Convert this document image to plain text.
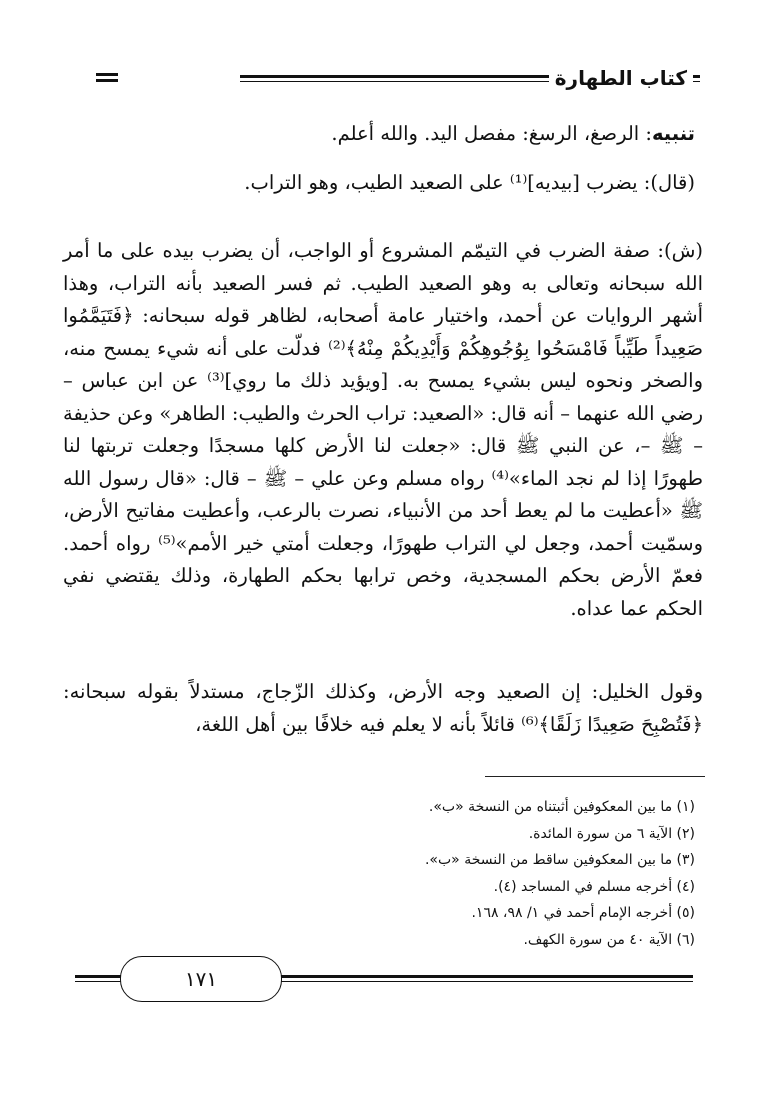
كتاب الطهارة
تنبيه: الرصغ، الرسغ: مفصل اليد. والله أعلم.
(قال): يضرب [بيديه]⁽¹⁾ على الصعيد الطيب، وهو التراب.
(ش): صفة الضرب في التيمّم المشروع أو الواجب، أن يضرب بيده على ما أمر الله سبحانه وتعالى به وهو الصعيد الطيب. ثم فسر الصعيد بأنه التراب، وهذا أشهر الروايات عن أحمد، واختيار عامة أصحابه، لظاهر قوله سبحانه: ﴿فَتَيَمَّمُوا صَعِيداً طَيِّباً فَامْسَحُوا بِوُجُوهِكُمْ وَأَيْدِيكُمْ مِنْهُ﴾⁽²⁾ فدلّت على أنه شيء يمسح منه، والصخر ونحوه ليس بشيء يمسح به. [ويؤيد ذلك ما روي]⁽³⁾ عن ابن عباس – رضي الله عنهما – أنه قال: «الصعيد: تراب الحرث والطيب: الطاهر» وعن حذيفة – ﷺ –، عن النبي ﷺ قال: «جعلت لنا الأرض كلها مسجدًا وجعلت تربتها لنا طهورًا إذا لم نجد الماء»⁽⁴⁾ رواه مسلم وعن علي – ﷺ – قال: «قال رسول الله ﷺ «أعطيت ما لم يعط أحد من الأنبياء، نصرت بالرعب، وأعطيت مفاتيح الأرض، وسمّيت أحمد، وجعل لي التراب طهورًا، وجعلت أمتي خير الأمم»⁽⁵⁾ رواه أحمد. فعمّ الأرض بحكم المسجدية، وخص ترابها بحكم الطهارة، وذلك يقتضي نفي الحكم عما عداه.
وقول الخليل: إن الصعيد وجه الأرض، وكذلك الزّجاج، مستدلاً بقوله سبحانه: ﴿فَتُصْبِحَ صَعِيدًا زَلَقًا﴾⁽⁶⁾ قائلاً بأنه لا يعلم فيه خلافًا بين أهل اللغة،
(١) ما بين المعكوفين أثبتناه من النسخة «ب».
(٢) الآية ٦ من سورة المائدة.
(٣) ما بين المعكوفين ساقط من النسخة «ب».
(٤) أخرجه مسلم في المساجد (٤).
(٥) أخرجه الإمام أحمد في ١/ ٩٨، ١٦٨.
(٦) الآية ٤٠ من سورة الكهف.
١٧١
